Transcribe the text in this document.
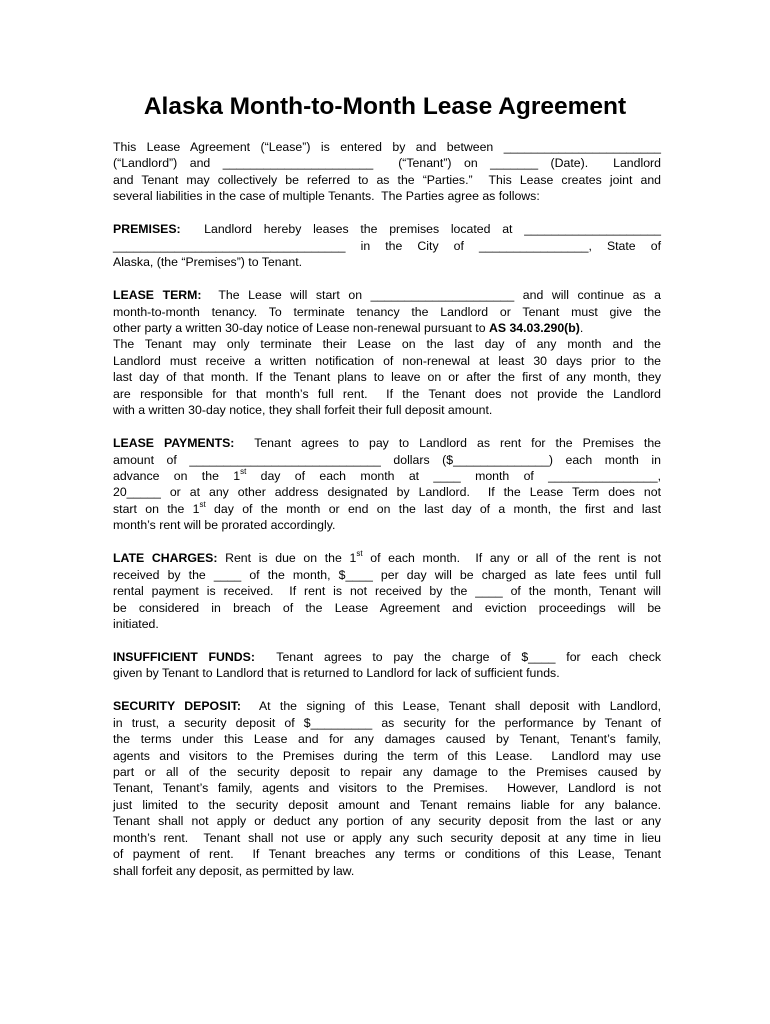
Alaska Month-to-Month Lease Agreement
This Lease Agreement (“Lease”) is entered by and between _______________________
(“Landlord”) and ______________________  (“Tenant”) on _______ (Date).  Landlord
and Tenant may collectively be referred to as the “Parties.”  This Lease creates joint and
several liabilities in the case of multiple Tenants.  The Parties agree as follows:
PREMISES:  Landlord hereby leases the premises located at ____________________
__________________________________ in the City of ________________, State of
Alaska, (the “Premises”) to Tenant.
LEASE TERM:  The Lease will start on _____________________ and will continue as a
month-to-month tenancy. To terminate tenancy the Landlord or Tenant must give the
other party a written 30-day notice of Lease non-renewal pursuant to AS 34.03.290(b).
The Tenant may only terminate their Lease on the last day of any month and the
Landlord must receive a written notification of non-renewal at least 30 days prior to the
last day of that month. If the Tenant plans to leave on or after the first of any month, they
are responsible for that month’s full rent.  If the Tenant does not provide the Landlord
with a written 30-day notice, they shall forfeit their full deposit amount.
LEASE PAYMENTS:  Tenant agrees to pay to Landlord as rent for the Premises the
amount of ____________________________ dollars ($______________) each month in
advance on the 1st day of each month at ____ month of ________________,
20_____ or at any other address designated by Landlord.  If the Lease Term does not
start on the 1st day of the month or end on the last day of a month, the first and last
month’s rent will be prorated accordingly.
LATE CHARGES: Rent is due on the 1st of each month.  If any or all of the rent is not
received by the ____ of the month, $____ per day will be charged as late fees until full
rental payment is received.  If rent is not received by the ____ of the month, Tenant will
be considered in breach of the Lease Agreement and eviction proceedings will be
initiated.
INSUFFICIENT FUNDS:  Tenant agrees to pay the charge of $____ for each check
given by Tenant to Landlord that is returned to Landlord for lack of sufficient funds.
SECURITY DEPOSIT:  At the signing of this Lease, Tenant shall deposit with Landlord,
in trust, a security deposit of $_________ as security for the performance by Tenant of
the terms under this Lease and for any damages caused by Tenant, Tenant’s family,
agents and visitors to the Premises during the term of this Lease.  Landlord may use
part or all of the security deposit to repair any damage to the Premises caused by
Tenant, Tenant’s family, agents and visitors to the Premises.  However, Landlord is not
just limited to the security deposit amount and Tenant remains liable for any balance.
Tenant shall not apply or deduct any portion of any security deposit from the last or any
month’s rent.  Tenant shall not use or apply any such security deposit at any time in lieu
of payment of rent.  If Tenant breaches any terms or conditions of this Lease, Tenant
shall forfeit any deposit, as permitted by law.
